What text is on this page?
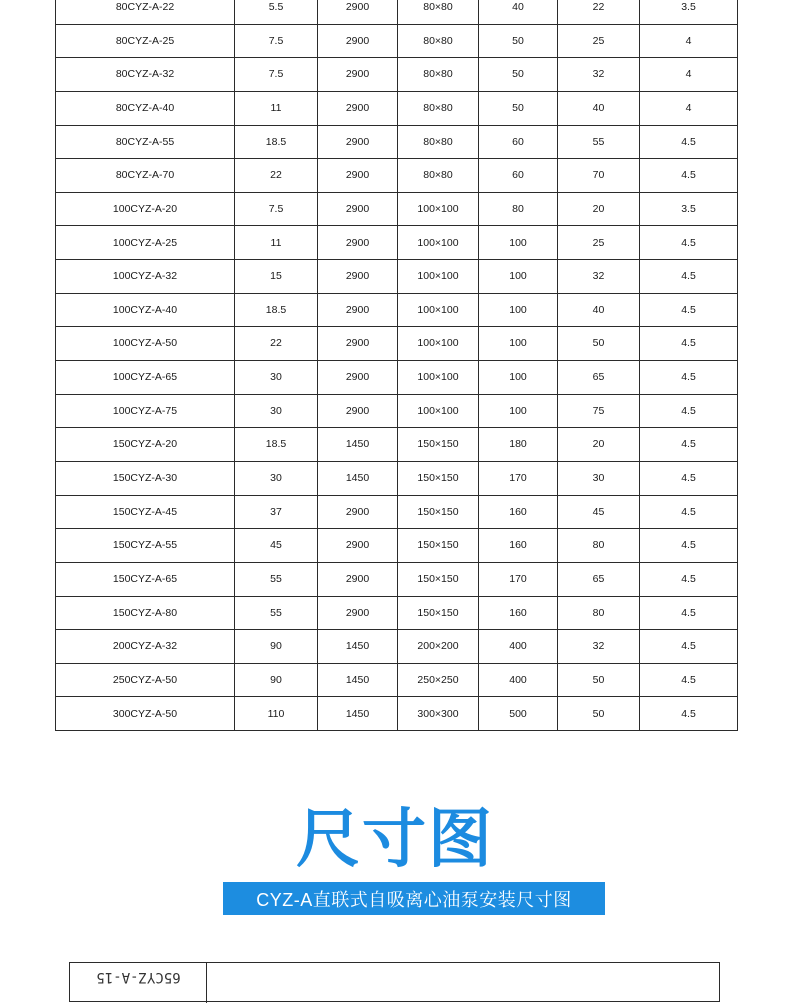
80CYZ-A-22	5.5	2900	80×80	40	22	3.5
80CYZ-A-25	7.5	2900	80×80	50	25	4
80CYZ-A-32	7.5	2900	80×80	50	32	4
80CYZ-A-40	11	2900	80×80	50	40	4
80CYZ-A-55	18.5	2900	80×80	60	55	4.5
80CYZ-A-70	22	2900	80×80	60	70	4.5
100CYZ-A-20	7.5	2900	100×100	80	20	3.5
100CYZ-A-25	11	2900	100×100	100	25	4.5
100CYZ-A-32	15	2900	100×100	100	32	4.5
100CYZ-A-40	18.5	2900	100×100	100	40	4.5
100CYZ-A-50	22	2900	100×100	100	50	4.5
100CYZ-A-65	30	2900	100×100	100	65	4.5
100CYZ-A-75	30	2900	100×100	100	75	4.5
150CYZ-A-20	18.5	1450	150×150	180	20	4.5
150CYZ-A-30	30	1450	150×150	170	30	4.5
150CYZ-A-45	37	2900	150×150	160	45	4.5
150CYZ-A-55	45	2900	150×150	160	80	4.5
150CYZ-A-65	55	2900	150×150	170	65	4.5
150CYZ-A-80	55	2900	150×150	160	80	4.5
200CYZ-A-32	90	1450	200×200	400	32	4.5
250CYZ-A-50	90	1450	250×250	400	50	4.5
300CYZ-A-50	110	1450	300×300	500	50	4.5
尺寸图
CYZ-A直联式自吸离心油泵安装尺寸图
65CYZ-A-15
